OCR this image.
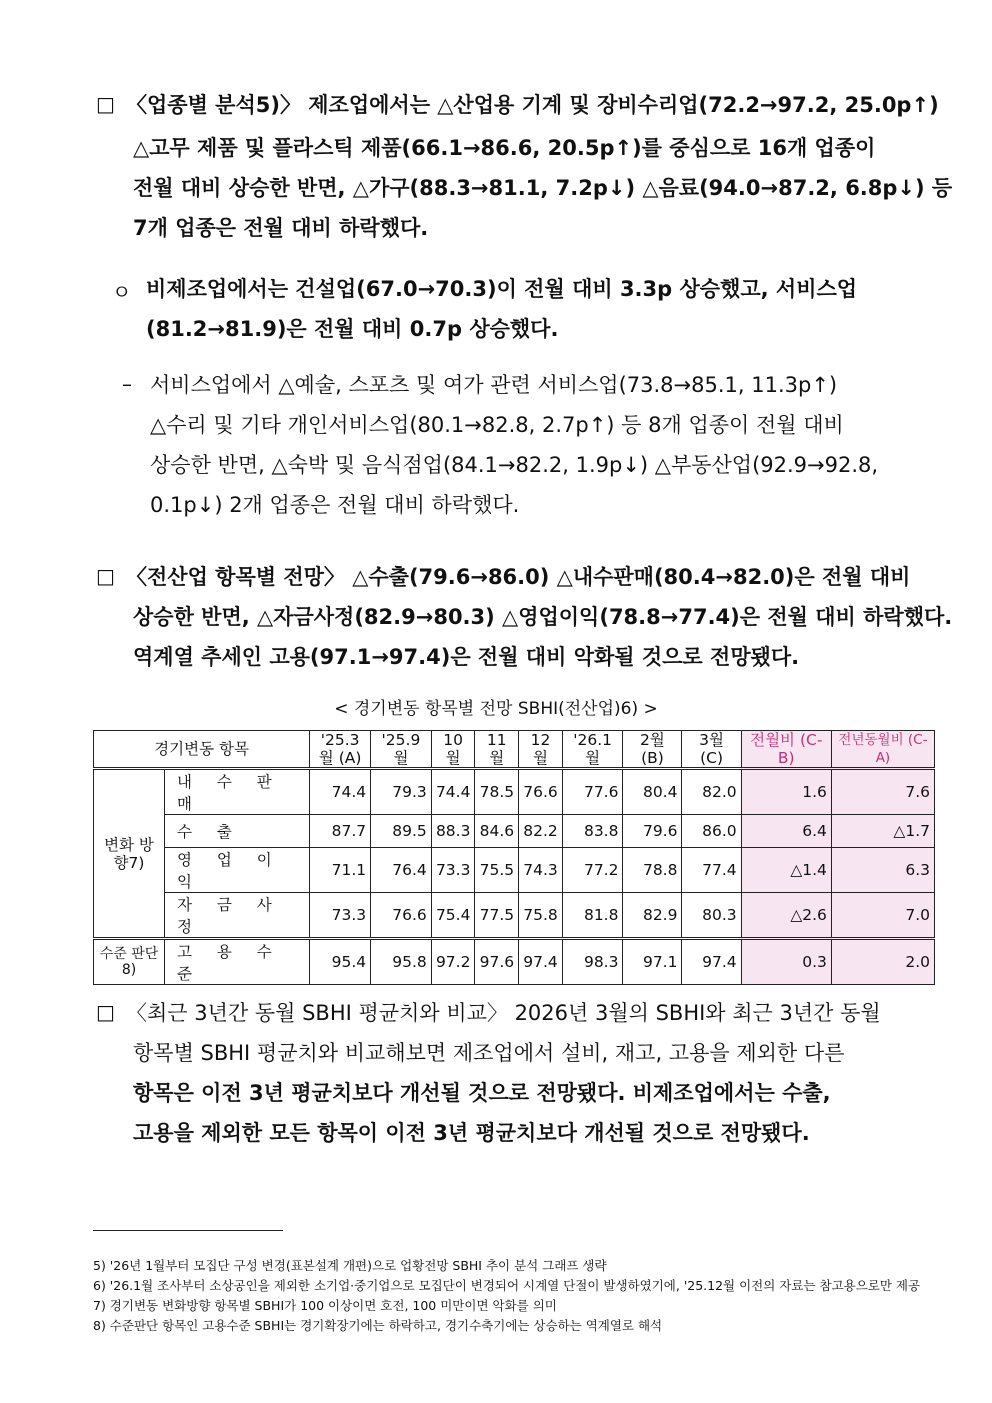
□ 〈업종별 분석5)〉 제조업에서는 △산업용 기계 및 장비수리업(72.2→97.2, 25.0p↑)
△고무 제품 및 플라스틱 제품(66.1→86.6, 20.5p↑)를 중심으로 16개 업종이
전월 대비 상승한 반면, △가구(88.3→81.1, 7.2p↓) △음료(94.0→87.2, 6.8p↓) 등
7개 업종은 전월 대비 하락했다.
ㅇ 비제조업에서는 건설업(67.0→70.3)이 전월 대비 3.3p 상승했고, 서비스업
(81.2→81.9)은 전월 대비 0.7p 상승했다.
– 서비스업에서 △예술, 스포츠 및 여가 관련 서비스업(73.8→85.1, 11.3p↑)
△수리 및 기타 개인서비스업(80.1→82.8, 2.7p↑) 등 8개 업종이 전월 대비
상승한 반면, △숙박 및 음식점업(84.1→82.2, 1.9p↓) △부동산업(92.9→92.8,
0.1p↓) 2개 업종은 전월 대비 하락했다.
□ 〈전산업 항목별 전망〉 △수출(79.6→86.0) △내수판매(80.4→82.0)은 전월 대비
상승한 반면, △자금사정(82.9→80.3) △영업이익(78.8→77.4)은 전월 대비 하락했다.
역계열 추세인 고용(97.1→97.4)은 전월 대비 악화될 것으로 전망됐다.
< 경기변동 항목별 전망 SBHI(전산업)6) >
경기변동 항목		'25.3월 (A)	'25.9월	10월	11월	12월	'26.1월	2월 (B)	3월 (C)	전월비 (C-B)	전년동월비 (C-A)
변화 방향7)	내 수 판 매	74.4	79.3	74.4	78.5	76.6	77.6	80.4	82.0	1.6	7.6
	수 출	87.7	89.5	88.3	84.6	82.2	83.8	79.6	86.0	6.4	△1.7
	영 업 이 익	71.1	76.4	73.3	75.5	74.3	77.2	78.8	77.4	△1.4	6.3
	자 금 사 정	73.3	76.6	75.4	77.5	75.8	81.8	82.9	80.3	△2.6	7.0
수준 판단8)	고 용 수 준	95.4	95.8	97.2	97.6	97.4	98.3	97.1	97.4	0.3	2.0
□ 〈최근 3년간 동월 SBHI 평균치와 비교〉 2026년 3월의 SBHI와 최근 3년간 동월
항목별 SBHI 평균치와 비교해보면 제조업에서 설비, 재고, 고용을 제외한 다른
항목은 이전 3년 평균치보다 개선될 것으로 전망됐다. 비제조업에서는 수출,
고용을 제외한 모든 항목이 이전 3년 평균치보다 개선될 것으로 전망됐다.
5) '26년 1월부터 모집단 구성 변경(표본설계 개편)으로 업황전망 SBHI 추이 분석 그래프 생략
6) '26.1월 조사부터 소상공인을 제외한 소기업·중기업으로 모집단이 변경되어 시계열 단절이 발생하였기에, '25.12월 이전의 자료는 참고용으로만 제공
7) 경기변동 변화방향 항목별 SBHI가 100 이상이면 호전, 100 미만이면 악화를 의미
8) 수준판단 항목인 고용수준 SBHI는 경기확장기에는 하락하고, 경기수축기에는 상승하는 역계열로 해석
